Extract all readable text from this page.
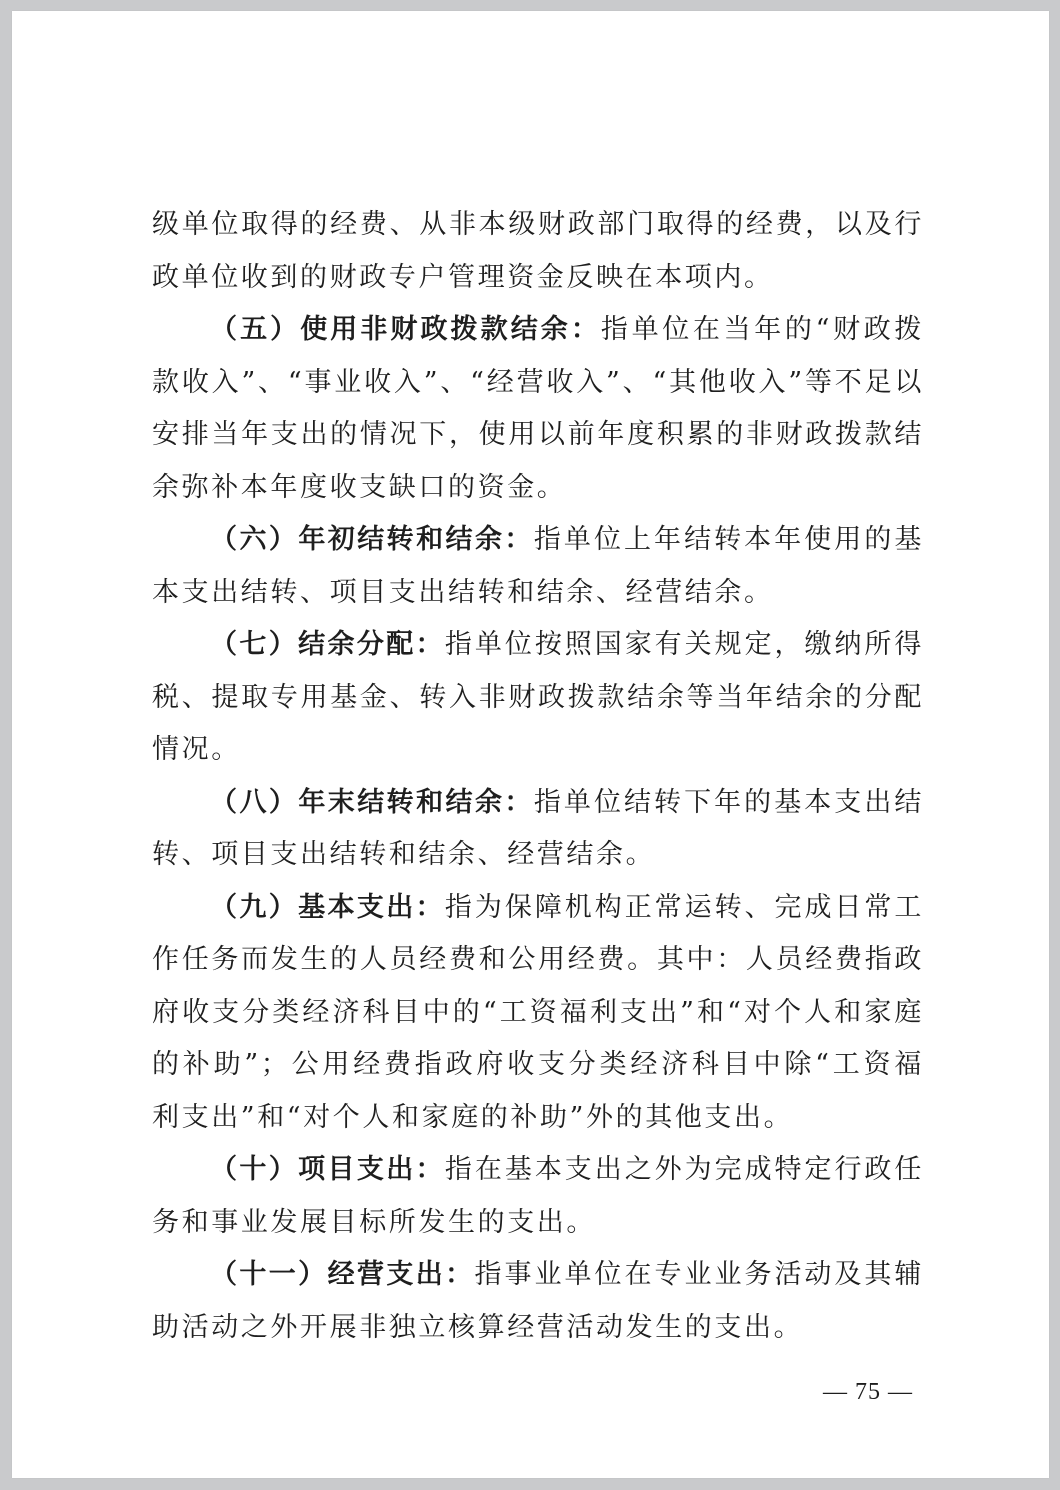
级单位取得的经费、从非本级财政部门取得的经费，以及行政单位收到的财政专户管理资金反映在本项内。

（五）使用非财政拨款结余：指单位在当年的“财政拨款收入”、“事业收入”、“经营收入”、“其他收入”等不足以安排当年支出的情况下，使用以前年度积累的非财政拨款结余弥补本年度收支缺口的资金。

（六）年初结转和结余：指单位上年结转本年使用的基本支出结转、项目支出结转和结余、经营结余。

（七）结余分配：指单位按照国家有关规定，缴纳所得税、提取专用基金、转入非财政拨款结余等当年结余的分配情况。

（八）年末结转和结余：指单位结转下年的基本支出结转、项目支出结转和结余、经营结余。

（九）基本支出：指为保障机构正常运转、完成日常工作任务而发生的人员经费和公用经费。其中：人员经费指政府收支分类经济科目中的“工资福利支出”和“对个人和家庭的补助”；公用经费指政府收支分类经济科目中除“工资福利支出”和“对个人和家庭的补助”外的其他支出。

（十）项目支出：指在基本支出之外为完成特定行政任务和事业发展目标所发生的支出。

（十一）经营支出：指事业单位在专业业务活动及其辅助活动之外开展非独立核算经营活动发生的支出。

— 75 —
